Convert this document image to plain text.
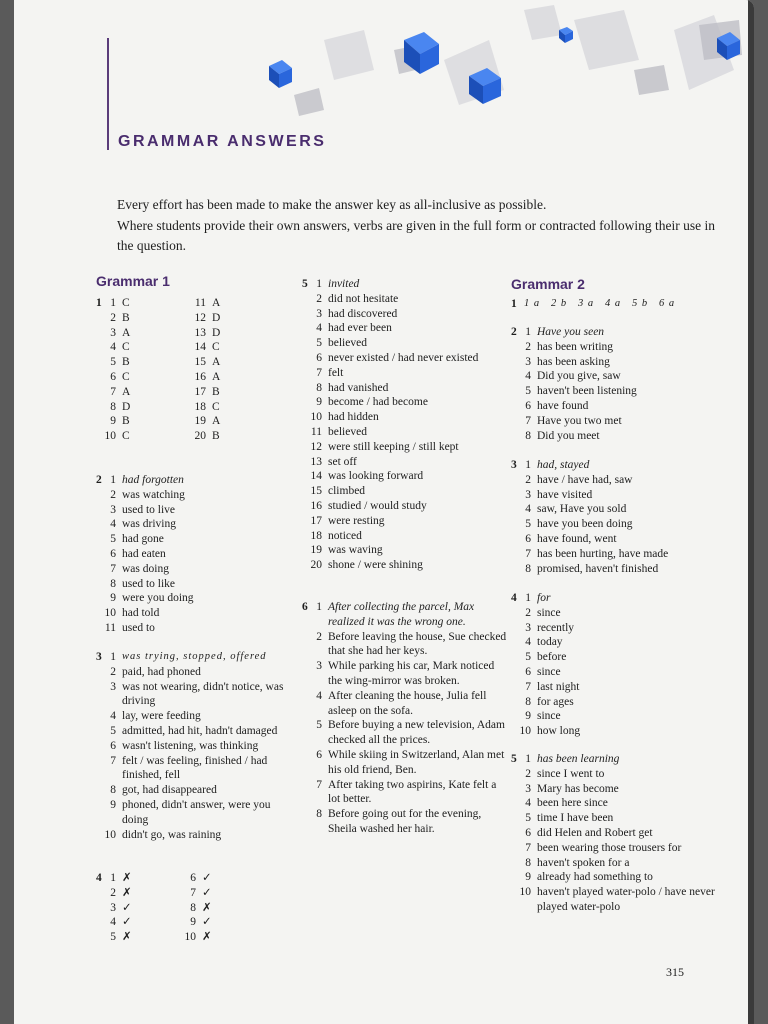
GRAMMAR ANSWERS

Every effort has been made to make the answer key as all-inclusive as possible.

Where students provide their own answers, verbs are given in the full form or contracted following their use in the question.

Grammar 1
1 1 C
2 B
3 A
4 C
5 B
6 C
7 A
8 D
9 B
10 C
11 A
12 D
13 D
14 C
15 A
16 A
17 B
18 C
19 A
20 B
2 1 had forgotten
2 was watching
3 used to live
4 was driving
5 had gone
6 had eaten
7 was doing
8 used to like
9 were you doing
10 had told
11 used to
3 1 was trying, stopped, offered
2 paid, had phoned
3 was not wearing, didn't notice, was driving
4 lay, were feeding
5 admitted, had hit, hadn't damaged
6 wasn't listening, was thinking
7 felt / was feeling, finished / had finished, fell
8 got, had disappeared
9 phoned, didn't answer, were you doing
10 didn't go, was raining
4 1 ✗
2 ✗
3 ✓
4 ✓
5 ✗
6 ✓
7 ✓
8 ✗
9 ✓
10 ✗
5 1 invited
2 did not hesitate
3 had discovered
4 had ever been
5 believed
6 never existed / had never existed
7 felt
8 had vanished
9 become / had become
10 had hidden
11 believed
12 were still keeping / still kept
13 set off
14 was looking forward
15 climbed
16 studied / would study
17 were resting
18 noticed
19 was waving
20 shone / were shining
6 1 After collecting the parcel, Max realized it was the wrong one.
2 Before leaving the house, Sue checked that she had her keys.
3 While parking his car, Mark noticed the wing-mirror was broken.
4 After cleaning the house, Julia fell asleep on the sofa.
5 Before buying a new television, Adam checked all the prices.
6 While skiing in Switzerland, Alan met his old friend, Ben.
7 After taking two aspirins, Kate felt a lot better.
8 Before going out for the evening, Sheila washed her hair.
Grammar 2
1 1 a   2 b   3 a   4 a   5 b   6 a
2 1 Have you seen
2 has been writing
3 has been asking
4 Did you give, saw
5 haven't been listening
6 have found
7 Have you two met
8 Did you meet
3 1 had, stayed
2 have / have had, saw
3 have visited
4 saw, Have you sold
5 have you been doing
6 have found, went
7 has been hurting, have made
8 promised, haven't finished
4 1 for
2 since
3 recently
4 today
5 before
6 since
7 last night
8 for ages
9 since
10 how long
5 1 has been learning
2 since I went to
3 Mary has become
4 been here since
5 time I have been
6 did Helen and Robert get
7 been wearing those trousers for
8 haven't spoken for a
9 already had something to
10 haven't played water-polo / have never played water-polo
315
